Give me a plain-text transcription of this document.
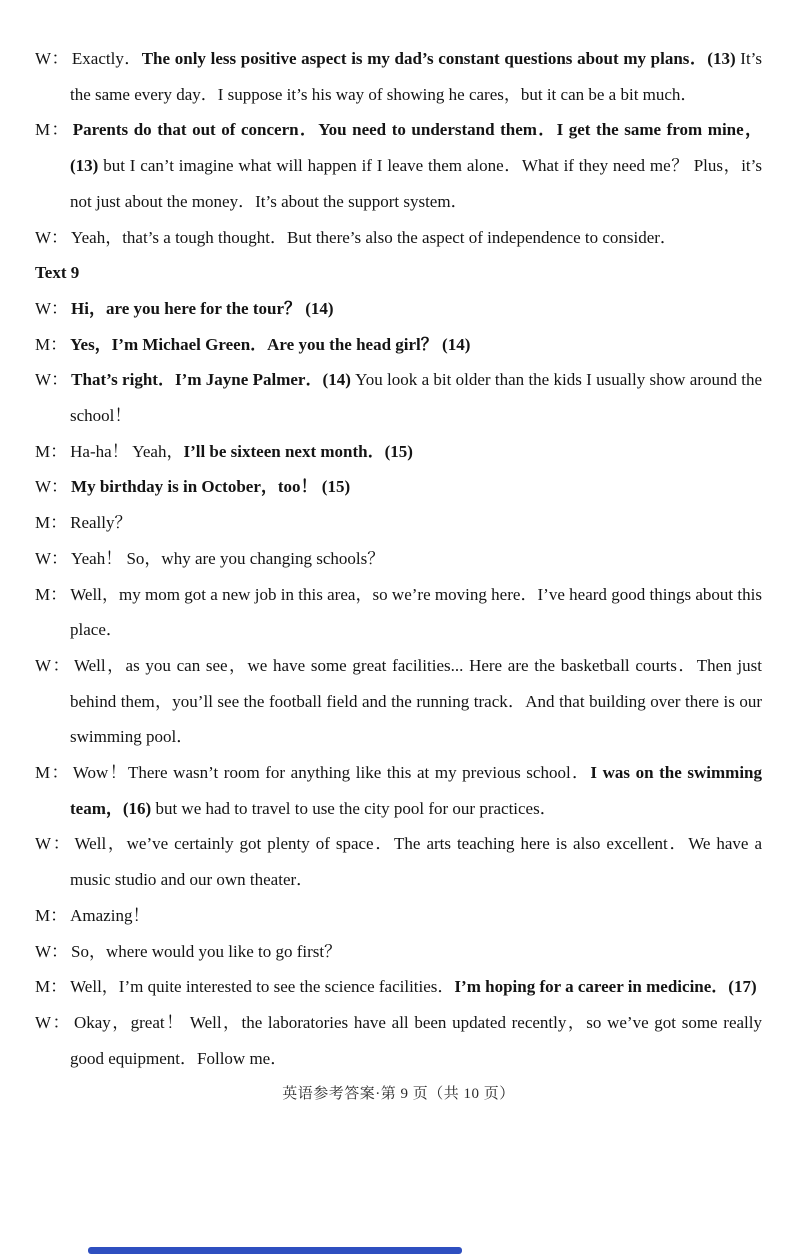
W： Exactly．The only less positive aspect is my dad’s constant questions about my plans．(13) It’s the same every day．I suppose it’s his way of showing he cares，but it can be a bit much．

M： Parents do that out of concern．You need to understand them．I get the same from mine，(13) but I can’t imagine what will happen if I leave them alone．What if they need me？ Plus，it’s not just about the money．It’s about the support system．

W： Yeah，that’s a tough thought．But there’s also the aspect of independence to consider．

Text 9

W： Hi，are you here for the tour？ (14)

M： Yes，I’m Michael Green．Are you the head girl？ (14)

W： That’s right．I’m Jayne Palmer．(14) You look a bit older than the kids I usually show around the school！

M： Ha-ha！ Yeah，I’ll be sixteen next month．(15)

W： My birthday is in October，too！ (15)

M： Really？

W： Yeah！ So，why are you changing schools？

M： Well，my mom got a new job in this area，so we’re moving here．I’ve heard good things about this place．

W： Well，as you can see，we have some great facilities... Here are the basketball courts．Then just behind them，you’ll see the football field and the running track．And that building over there is our swimming pool．

M： Wow！There wasn’t room for anything like this at my previous school．I was on the swimming team，(16) but we had to travel to use the city pool for our practices．

W： Well，we’ve certainly got plenty of space．The arts teaching here is also excellent．We have a music studio and our own theater．

M： Amazing！

W： So，where would you like to go first？

M： Well，I’m quite interested to see the science facilities．I’m hoping for a career in medicine．(17)

W： Okay，great！ Well，the laboratories have all been updated recently，so we’ve got some really good equipment．Follow me．

英语参考答案·第 9 页（共 10 页）
